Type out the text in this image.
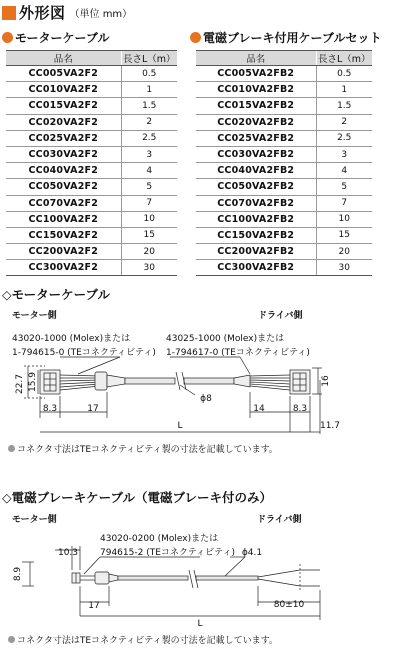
外形図 （単位 mm）
モーターケーブル
品名	長さL（m）
CC005VA2F2	0.5
CC010VA2F2	1
CC015VA2F2	1.5
CC020VA2F2	2
CC025VA2F2	2.5
CC030VA2F2	3
CC040VA2F2	4
CC050VA2F2	5
CC070VA2F2	7
CC100VA2F2	10
CC150VA2F2	15
CC200VA2F2	20
CC300VA2F2	30
電磁ブレーキ付用ケーブルセット
品名	長さL（m）
CC005VA2FB2	0.5
CC010VA2FB2	1
CC015VA2FB2	1.5
CC020VA2FB2	2
CC025VA2FB2	2.5
CC030VA2FB2	3
CC040VA2FB2	4
CC050VA2FB2	5
CC070VA2FB2	7
CC100VA2FB2	10
CC150VA2FB2	15
CC200VA2FB2	20
CC300VA2FB2	30
◇モーターケーブル
モーター側	ドライバ側
43020-1000 (Molex)または
1-794615-0 (TEコネクティビティ)
43025-1000 (Molex)または
1-794617-0 (TEコネクティビティ)
22.7 15.9
8.3	17
ϕ8
L
14	8.3
16
11.7
コネクタ寸法はTEコネクティビティ製の寸法を記載しています。
◇電磁ブレーキケーブル（電磁ブレーキ付のみ）
モーター側	ドライバ側
43020-0200 (Molex)または
794615-2 (TEコネクティビティ)
10.3
8.9
ϕ4.1
17	80±10
L
コネクタ寸法はTEコネクティビティ製の寸法を記載しています。
